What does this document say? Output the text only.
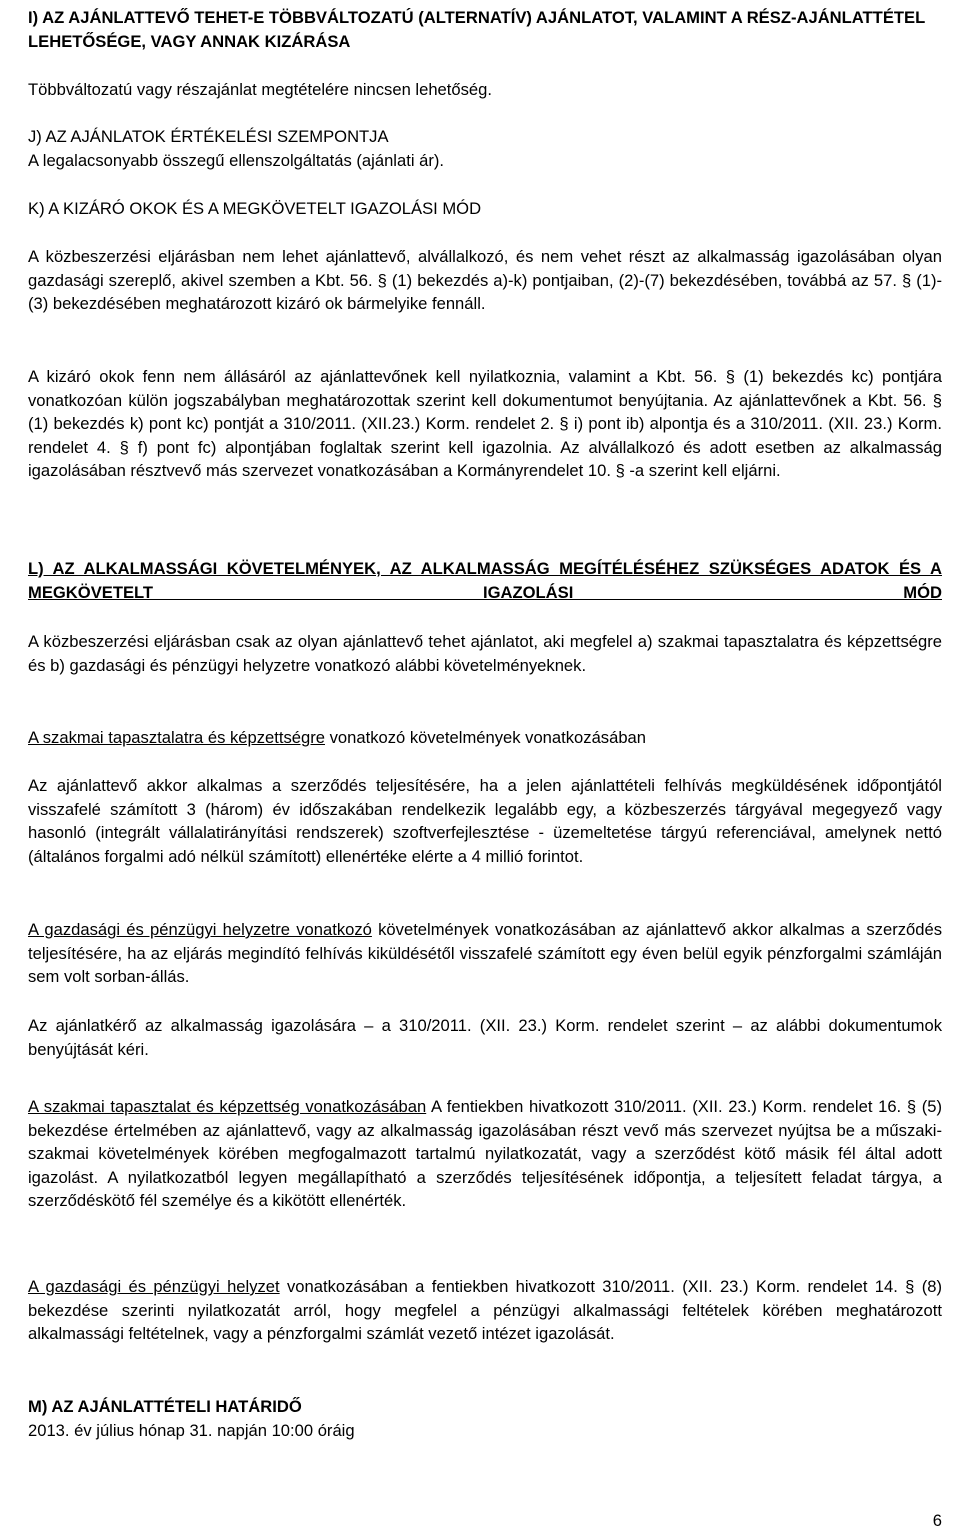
I) AZ AJÁNLATTEVŐ TEHET-E TÖBBVÁLTOZATÚ (ALTERNATÍV) AJÁNLATOT, VALAMINT A RÉSZ-AJÁNLATTÉTEL LEHETŐSÉGE, VAGY ANNAK KIZÁRÁSA

Többváltozatú vagy részajánlat megtételére nincsen lehetőség.

J) AZ AJÁNLATOK ÉRTÉKELÉSI SZEMPONTJA

A legalacsonyabb összegű ellenszolgáltatás (ajánlati ár).

K) A KIZÁRÓ OKOK ÉS A MEGKÖVETELT IGAZOLÁSI MÓD

A közbeszerzési eljárásban nem lehet ajánlattevő, alvállalkozó, és nem vehet részt az alkalmasság igazolásában olyan gazdasági szereplő, akivel szemben a Kbt. 56. § (1) bekezdés a)-k) pontjaiban, (2)-(7) bekezdésében, továbbá az 57. § (1)-(3) bekezdésében meghatározott kizáró ok bármelyike fennáll.

A kizáró okok fenn nem állásáról az ajánlattevőnek kell nyilatkoznia, valamint a Kbt. 56. § (1) bekezdés kc) pontjára vonatkozóan külön jogszabályban meghatározottak szerint kell dokumentumot benyújtania. Az ajánlattevőnek a Kbt. 56. § (1) bekezdés k) pont kc) pontját a 310/2011. (XII.23.) Korm. rendelet 2. § i) pont ib) alpontja és a 310/2011. (XII. 23.) Korm. rendelet 4. § f) pont fc) alpontjában foglaltak szerint kell igazolnia. Az alvállalkozó és adott esetben az alkalmasság igazolásában résztvevő más szervezet vonatkozásában a Kormányrendelet 10. § -a szerint kell eljárni.

L) AZ ALKALMASSÁGI KÖVETELMÉNYEK, AZ ALKALMASSÁG MEGÍTÉLÉSÉHEZ SZÜKSÉGES ADATOK ÉS A MEGKÖVETELT IGAZOLÁSI MÓD

A közbeszerzési eljárásban csak az olyan ajánlattevő tehet ajánlatot, aki megfelel a) szakmai tapasztalatra és képzettségre és b) gazdasági és pénzügyi helyzetre vonatkozó alábbi követelményeknek.

A szakmai tapasztalatra és képzettségre vonatkozó követelmények vonatkozásában

Az ajánlattevő akkor alkalmas a szerződés teljesítésére, ha a jelen ajánlattételi felhívás megküldésének időpontjától visszafelé számított 3 (három) év időszakában rendelkezik legalább egy, a közbeszerzés tárgyával megegyező vagy hasonló (integrált vállalatirányítási rendszerek) szoftverfejlesztése - üzemeltetése tárgyú referenciával, amelynek nettó (általános forgalmi adó nélkül számított) ellenértéke elérte a 4 millió forintot.

A gazdasági és pénzügyi helyzetre vonatkozó követelmények vonatkozásában az ajánlattevő akkor alkalmas a szerződés teljesítésére, ha az eljárás megindító felhívás kiküldésétől visszafelé számított egy éven belül egyik pénzforgalmi számláján sem volt sorban-állás.

Az ajánlatkérő az alkalmasság igazolására – a 310/2011. (XII. 23.) Korm. rendelet szerint – az alábbi dokumentumok benyújtását kéri.

A szakmai tapasztalat és képzettség vonatkozásában A fentiekben hivatkozott 310/2011. (XII. 23.) Korm. rendelet 16. § (5) bekezdése értelmében az ajánlattevő, vagy az alkalmasság igazolásában részt vevő más szervezet nyújtsa be a műszaki-szakmai követelmények körében megfogalmazott tartalmú nyilatkozatát, vagy a szerződést kötő másik fél által adott igazolást. A nyilatkozatból legyen megállapítható a szerződés teljesítésének időpontja, a teljesített feladat tárgya, a szerződéskötő fél személye és a kikötött ellenérték.

A gazdasági és pénzügyi helyzet vonatkozásában a fentiekben hivatkozott 310/2011. (XII. 23.) Korm. rendelet 14. § (8) bekezdése szerinti nyilatkozatát arról, hogy megfelel a pénzügyi alkalmassági feltételek körében meghatározott alkalmassági feltételnek, vagy a pénzforgalmi számlát vezető intézet igazolását.

M) AZ AJÁNLATTÉTELI HATÁRIDŐ

2013. év július hónap 31. napján 10:00 óráig

6
